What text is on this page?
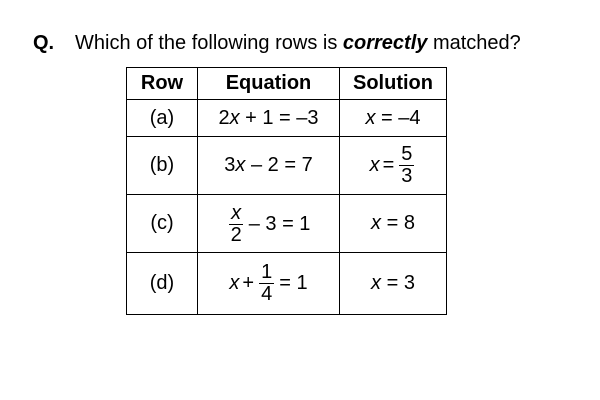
Q. Which of the following rows is correctly matched?
Row	Equation	Solution
(a)	2x + 1 = –3	x = –4
(b)	3x – 2 = 7	$x = \frac{5}{3}$

(c)	$\frac{x}{2} - 3 = 1$	x = 8
(d)	$x + \frac{1}{4} = 1$	x = 3
